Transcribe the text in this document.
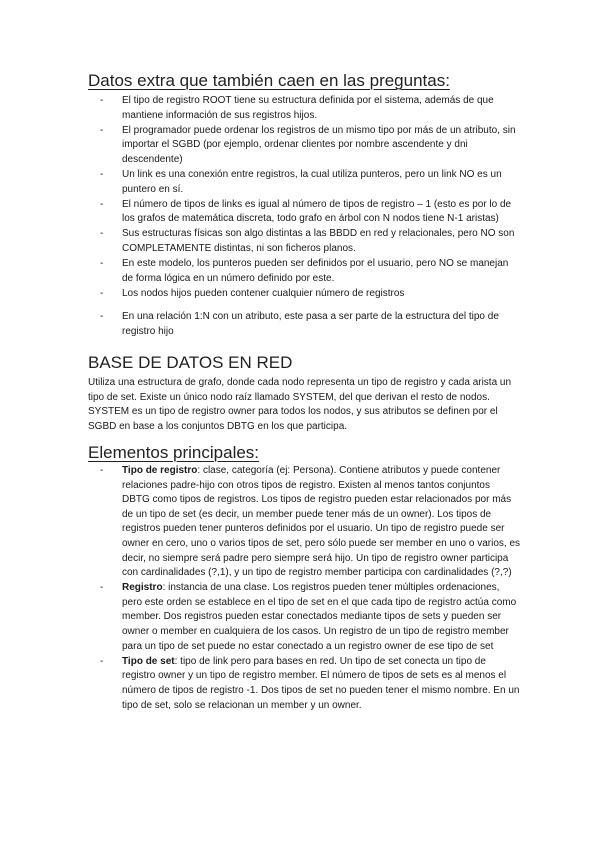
Datos extra que también caen en las preguntas:
-	El tipo de registro ROOT tiene su estructura definida por el sistema, además de que mantiene información de sus registros hijos.
-	El programador puede ordenar los registros de un mismo tipo por más de un atributo, sin importar el SGBD (por ejemplo, ordenar clientes por nombre ascendente y dni descendente)
-	Un link es una conexión entre registros, la cual utiliza punteros, pero un link NO es un puntero en sí.
-	El número de tipos de links es igual al número de tipos de registro – 1 (esto es por lo de los grafos de matemática discreta, todo grafo en árbol con N nodos tiene N-1 aristas)
-	Sus estructuras físicas son algo distintas a las BBDD en red y relacionales, pero NO son COMPLETAMENTE distintas, ni son ficheros planos.
-	En este modelo, los punteros pueden ser definidos por el usuario, pero NO se manejan de forma lógica en un número definido por este.
-	Los nodos hijos pueden contener cualquier número de registros
-	En una relación 1:N con un atributo, este pasa a ser parte de la estructura del tipo de registro hijo
BASE DE DATOS EN RED

Utiliza una estructura de grafo, donde cada nodo representa un tipo de registro y cada arista un tipo de set. Existe un único nodo raíz llamado SYSTEM, del que derivan el resto de nodos. SYSTEM es un tipo de registro owner para todos los nodos, y sus atributos se definen por el SGBD en base a los conjuntos DBTG en los que participa.

Elementos principales:
-	Tipo de registro: clase, categoría (ej: Persona). Contiene atributos y puede contener relaciones padre-hijo con otros tipos de registro. Existen al menos tantos conjuntos DBTG como tipos de registros. Los tipos de registro pueden estar relacionados por más de un tipo de set (es decir, un member puede tener más de un owner). Los tipos de registros pueden tener punteros definidos por el usuario. Un tipo de registro puede ser owner en cero, uno o varios tipos de set, pero sólo puede ser member en uno o varios, es decir, no siempre será padre pero siempre será hijo. Un tipo de registro owner participa con cardinalidades (?,1), y un tipo de registro member participa con cardinalidades (?,?)
-	Registro: instancia de una clase. Los registros pueden tener múltiples ordenaciones, pero este orden se establece en el tipo de set en el que cada tipo de registro actúa como member. Dos registros pueden estar conectados mediante tipos de sets y pueden ser owner o member en cualquiera de los casos. Un registro de un tipo de registro member para un tipo de set puede no estar conectado a un registro owner de ese tipo de set
-	Tipo de set: tipo de link pero para bases en red. Un tipo de set conecta un tipo de registro owner y un tipo de registro member. El número de tipos de sets es al menos el número de tipos de registro -1. Dos tipos de set no pueden tener el mismo nombre. En un tipo de set, solo se relacionan un member y un owner.
